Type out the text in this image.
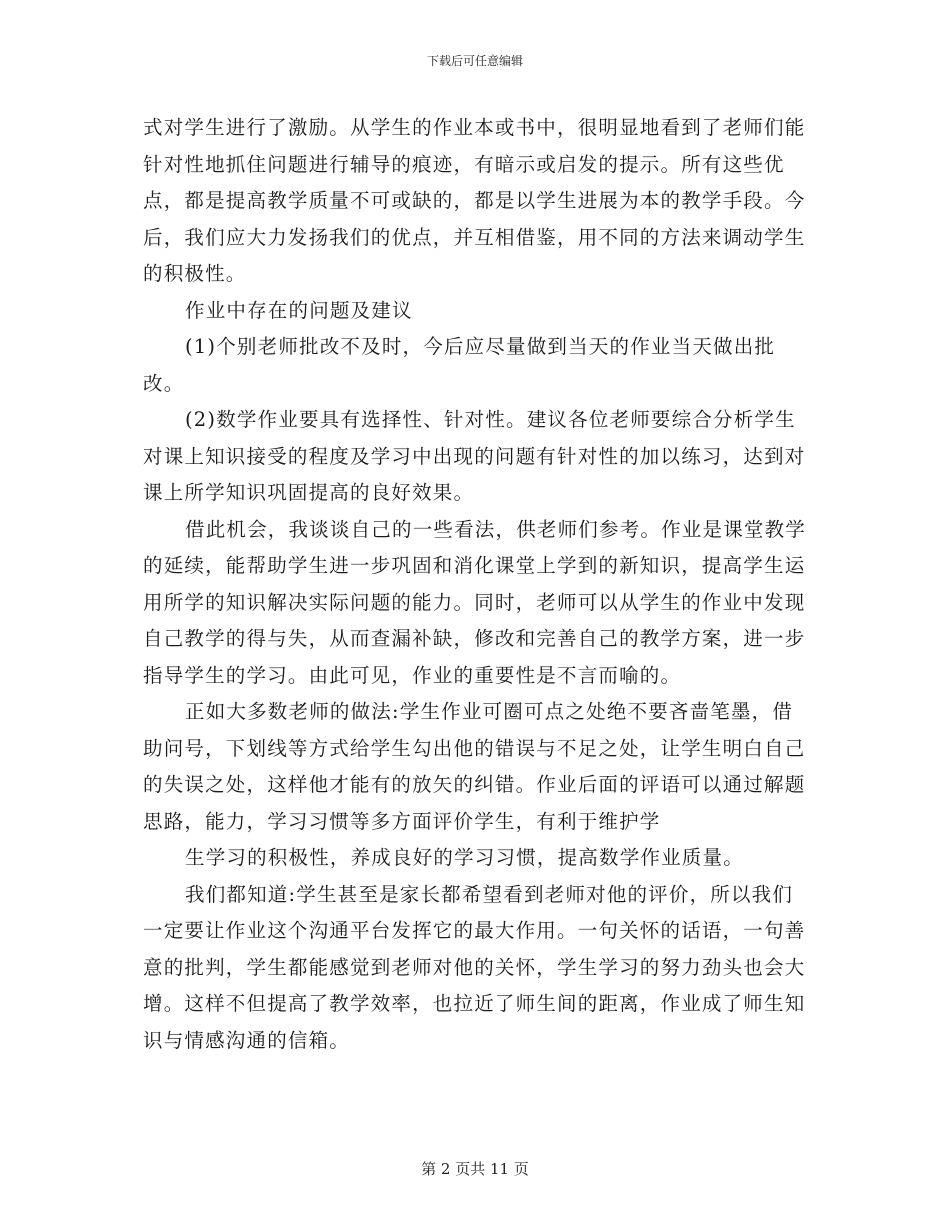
下载后可任意编辑

式对学生进行了激励。从学生的作业本或书中，很明显地看到了老师们能针对性地抓住问题进行辅导的痕迹，有暗示或启发的提示。所有这些优点，都是提高教学质量不可或缺的，都是以学生进展为本的教学手段。今后，我们应大力发扬我们的优点，并互相借鉴，用不同的方法来调动学生的积极性。

作业中存在的问题及建议

(1)个别老师批改不及时，今后应尽量做到当天的作业当天做出批改。

(2)数学作业要具有选择性、针对性。建议各位老师要综合分析学生对课上知识接受的程度及学习中出现的问题有针对性的加以练习，达到对课上所学知识巩固提高的良好效果。

借此机会，我谈谈自己的一些看法，供老师们参考。作业是课堂教学的延续，能帮助学生进一步巩固和消化课堂上学到的新知识，提高学生运用所学的知识解决实际问题的能力。同时，老师可以从学生的作业中发现自己教学的得与失，从而查漏补缺，修改和完善自己的教学方案，进一步指导学生的学习。由此可见，作业的重要性是不言而喻的。

正如大多数老师的做法:学生作业可圈可点之处绝不要吝啬笔墨，借助问号，下划线等方式给学生勾出他的错误与不足之处，让学生明白自己的失误之处，这样他才能有的放矢的纠错。作业后面的评语可以通过解题思路，能力，学习习惯等多方面评价学生，有利于维护学

生学习的积极性，养成良好的学习习惯，提高数学作业质量。

我们都知道:学生甚至是家长都希望看到老师对他的评价，所以我们一定要让作业这个沟通平台发挥它的最大作用。一句关怀的话语，一句善意的批判，学生都能感觉到老师对他的关怀，学生学习的努力劲头也会大增。这样不但提高了教学效率，也拉近了师生间的距离，作业成了师生知识与情感沟通的信箱。

第 2 页共 11 页
